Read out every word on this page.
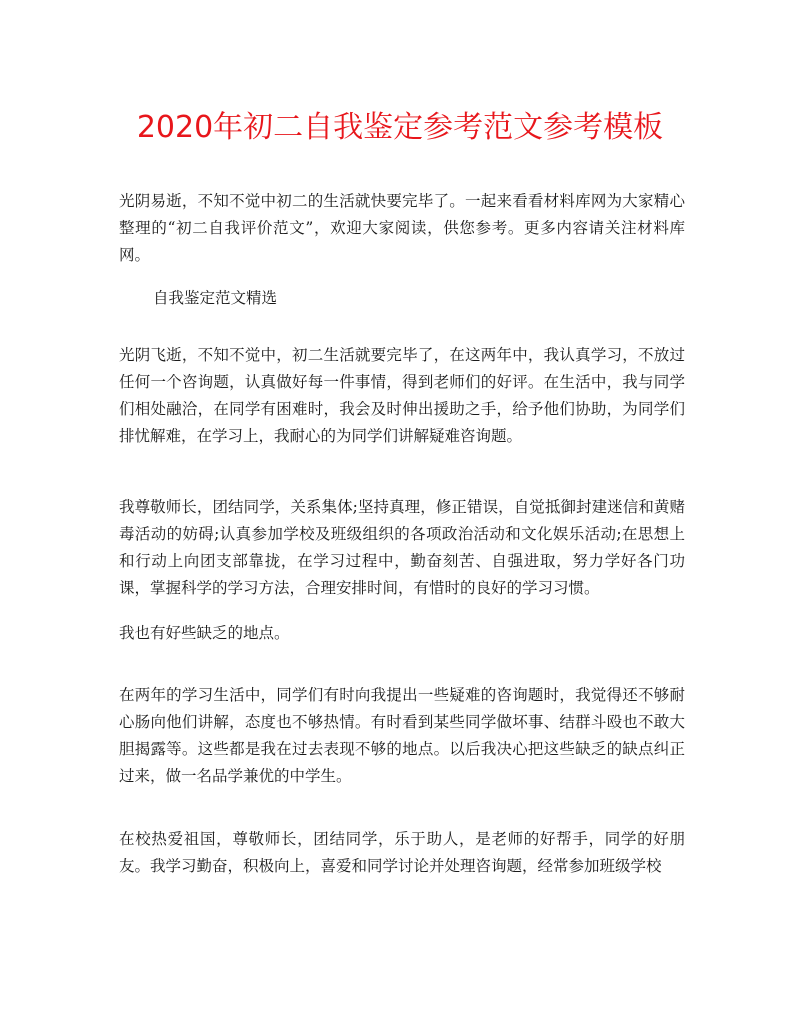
2020年初二自我鉴定参考范文参考模板

光阴易逝，不知不觉中初二的生活就快要完毕了。一起来看看材料库网为大家精心整理的“初二自我评价范文”，欢迎大家阅读，供您参考。更多内容请关注材料库网。

自我鉴定范文精选

光阴飞逝，不知不觉中，初二生活就要完毕了，在这两年中，我认真学习，不放过任何一个咨询题，认真做好每一件事情，得到老师们的好评。在生活中，我与同学们相处融洽，在同学有困难时，我会及时伸出援助之手，给予他们协助，为同学们排忧解难，在学习上，我耐心的为同学们讲解疑难咨询题。

我尊敬师长，团结同学，关系集体;坚持真理，修正错误，自觉抵御封建迷信和黄赌毒活动的妨碍;认真参加学校及班级组织的各项政治活动和文化娱乐活动;在思想上和行动上向团支部靠拢，在学习过程中，勤奋刻苦、自强进取，努力学好各门功课，掌握科学的学习方法，合理安排时间，有惜时的良好的学习习惯。

我也有好些缺乏的地点。

在两年的学习生活中，同学们有时向我提出一些疑难的咨询题时，我觉得还不够耐心肠向他们讲解，态度也不够热情。有时看到某些同学做坏事、结群斗殴也不敢大胆揭露等。这些都是我在过去表现不够的地点。以后我决心把这些缺乏的缺点纠正过来，做一名品学兼优的中学生。

在校热爱祖国，尊敬师长，团结同学，乐于助人，是老师的好帮手，同学的好朋友。我学习勤奋，积极向上，喜爱和同学讨论并处理咨询题，经常参加班级学校
